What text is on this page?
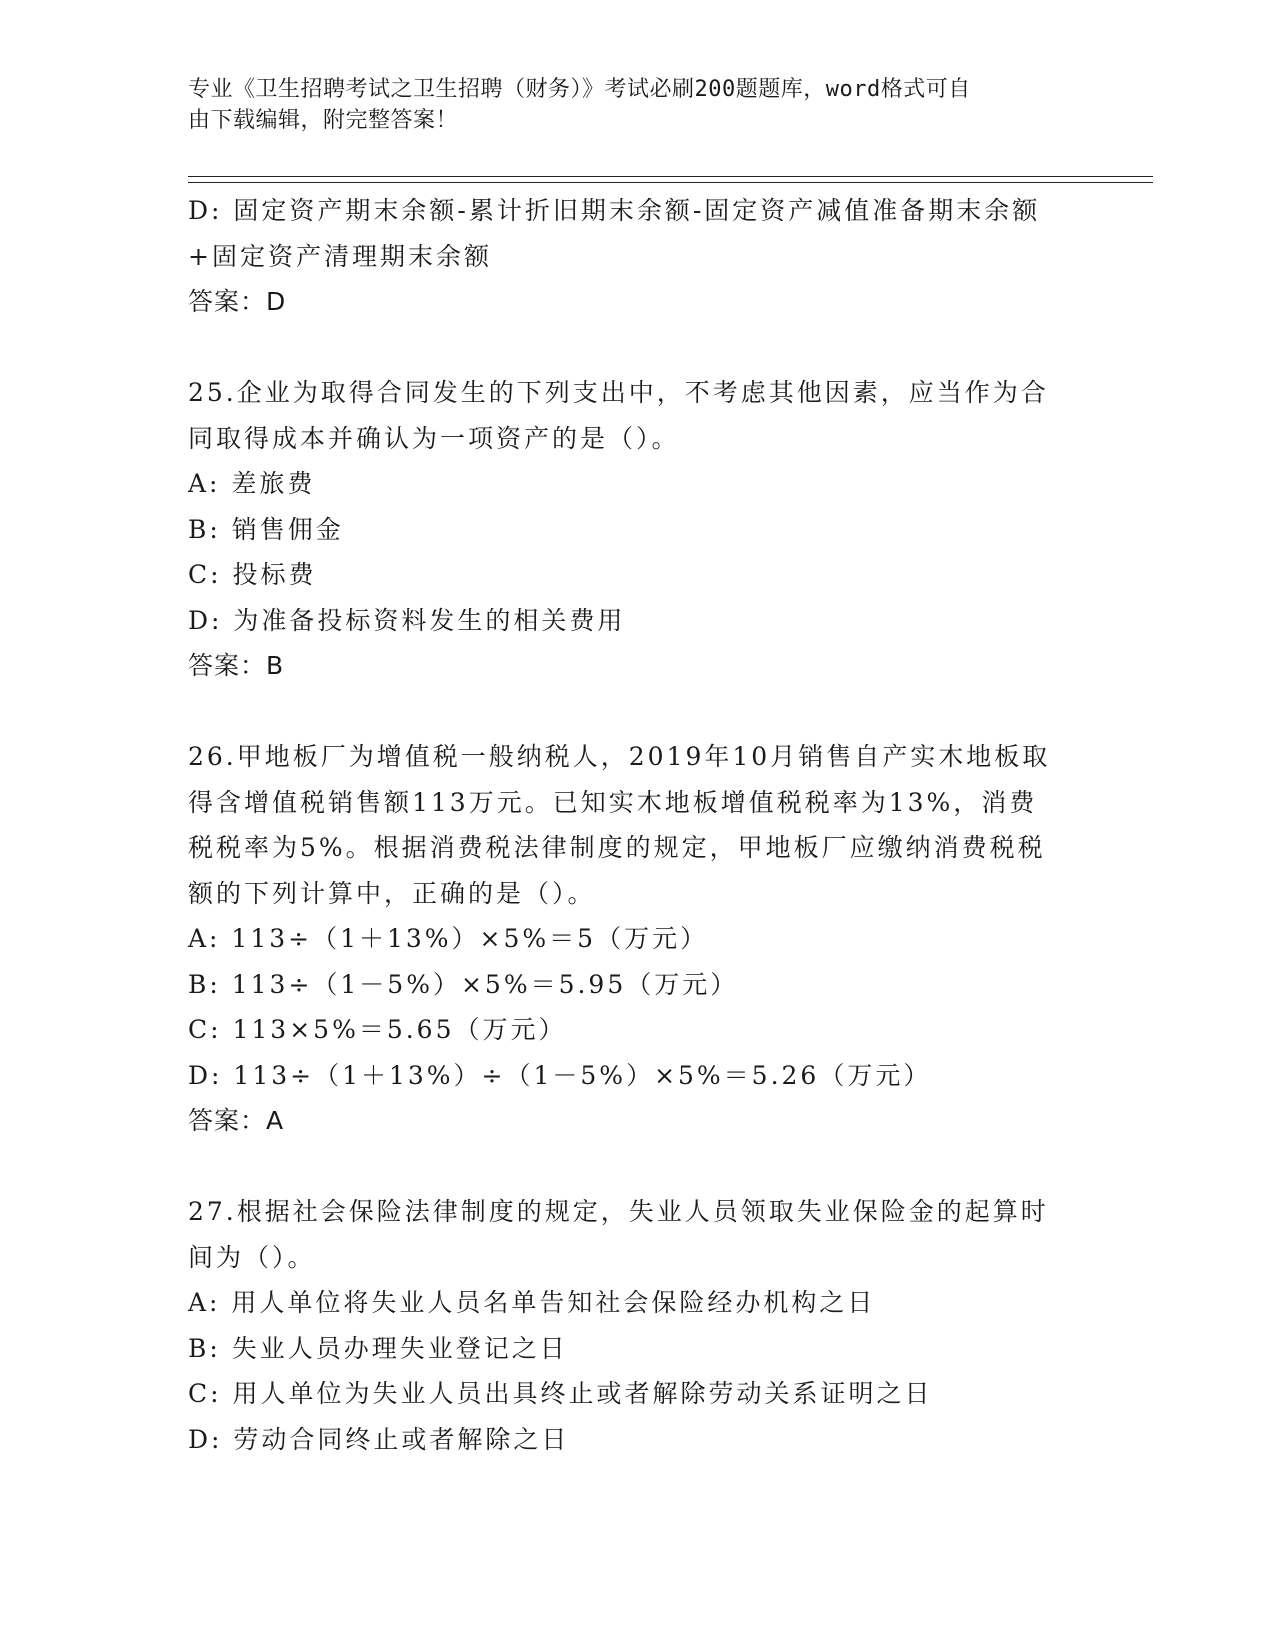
专业《卫生招聘考试之卫生招聘（财务）》考试必刷200题题库，word格式可自
由下载编辑，附完整答案！
D: 固定资产期末余额-累计折旧期末余额-固定资产减值准备期末余额
+固定资产清理期末余额
答案：D
25.企业为取得合同发生的下列支出中，不考虑其他因素，应当作为合
同取得成本并确认为一项资产的是（）。
A: 差旅费
B: 销售佣金
C: 投标费
D: 为准备投标资料发生的相关费用
答案：B
26.甲地板厂为增值税一般纳税人，2019年10月销售自产实木地板取
得含增值税销售额113万元。已知实木地板增值税税率为13%，消费
税税率为5%。根据消费税法律制度的规定，甲地板厂应缴纳消费税税
额的下列计算中，正确的是（）。
A: 113÷（1＋13%）×5%＝5（万元）
B: 113÷（1－5%）×5%＝5.95（万元）
C: 113×5%＝5.65（万元）
D: 113÷（1＋13%）÷（1－5%）×5%＝5.26（万元）
答案：A
27.根据社会保险法律制度的规定，失业人员领取失业保险金的起算时
间为（）。
A: 用人单位将失业人员名单告知社会保险经办机构之日
B: 失业人员办理失业登记之日
C: 用人单位为失业人员出具终止或者解除劳动关系证明之日
D: 劳动合同终止或者解除之日
